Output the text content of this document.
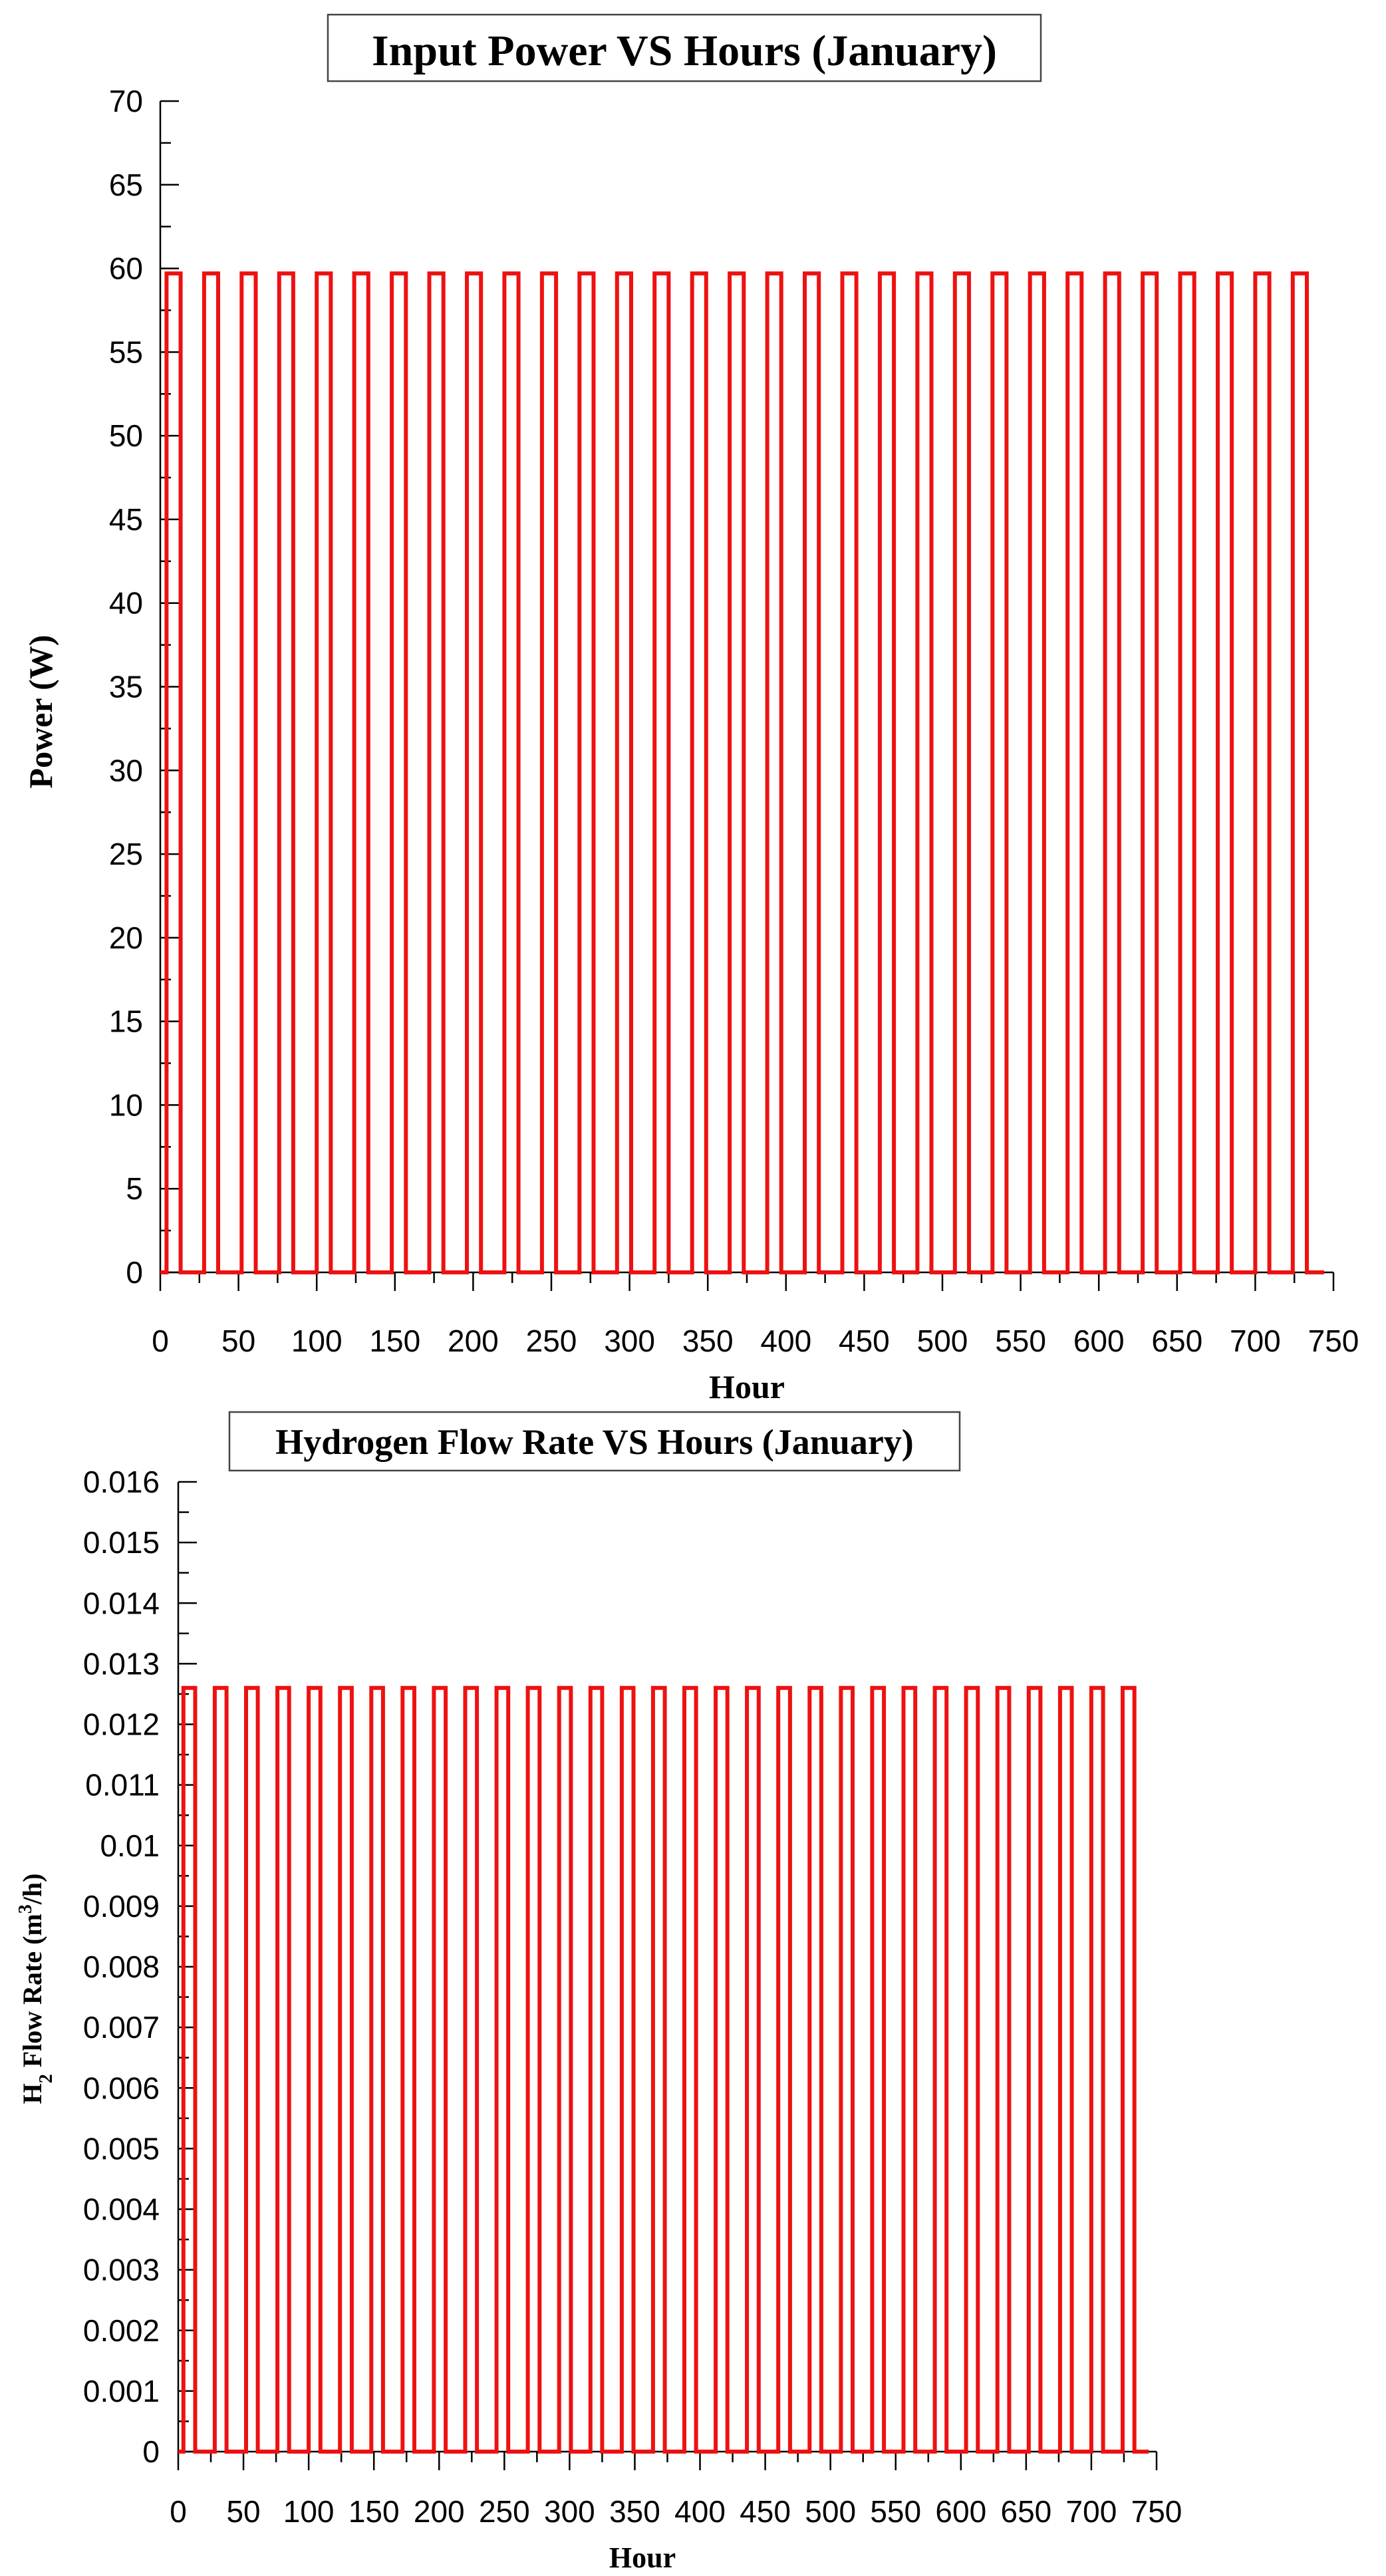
Input Power VS Hours (January)
0
5
10
15
20
25
30
35
40
45
50
55
60
65
70
0 50 100 150 200 250 300 350 400 450 500 550 600 650 700 750
Hour
Power (W)
Hydrogen Flow Rate VS Hours (January)
0
0.001
0.002
0.003
0.004
0.005
0.006
0.007
0.008
0.009
0.01
0.011
0.012
0.013
0.014
0.015
0.016
0 50 100 150 200 250 300 350 400 450 500 550 600 650 700 750
Hour
$H_2$ Flow Rate $(m^3/h)$
